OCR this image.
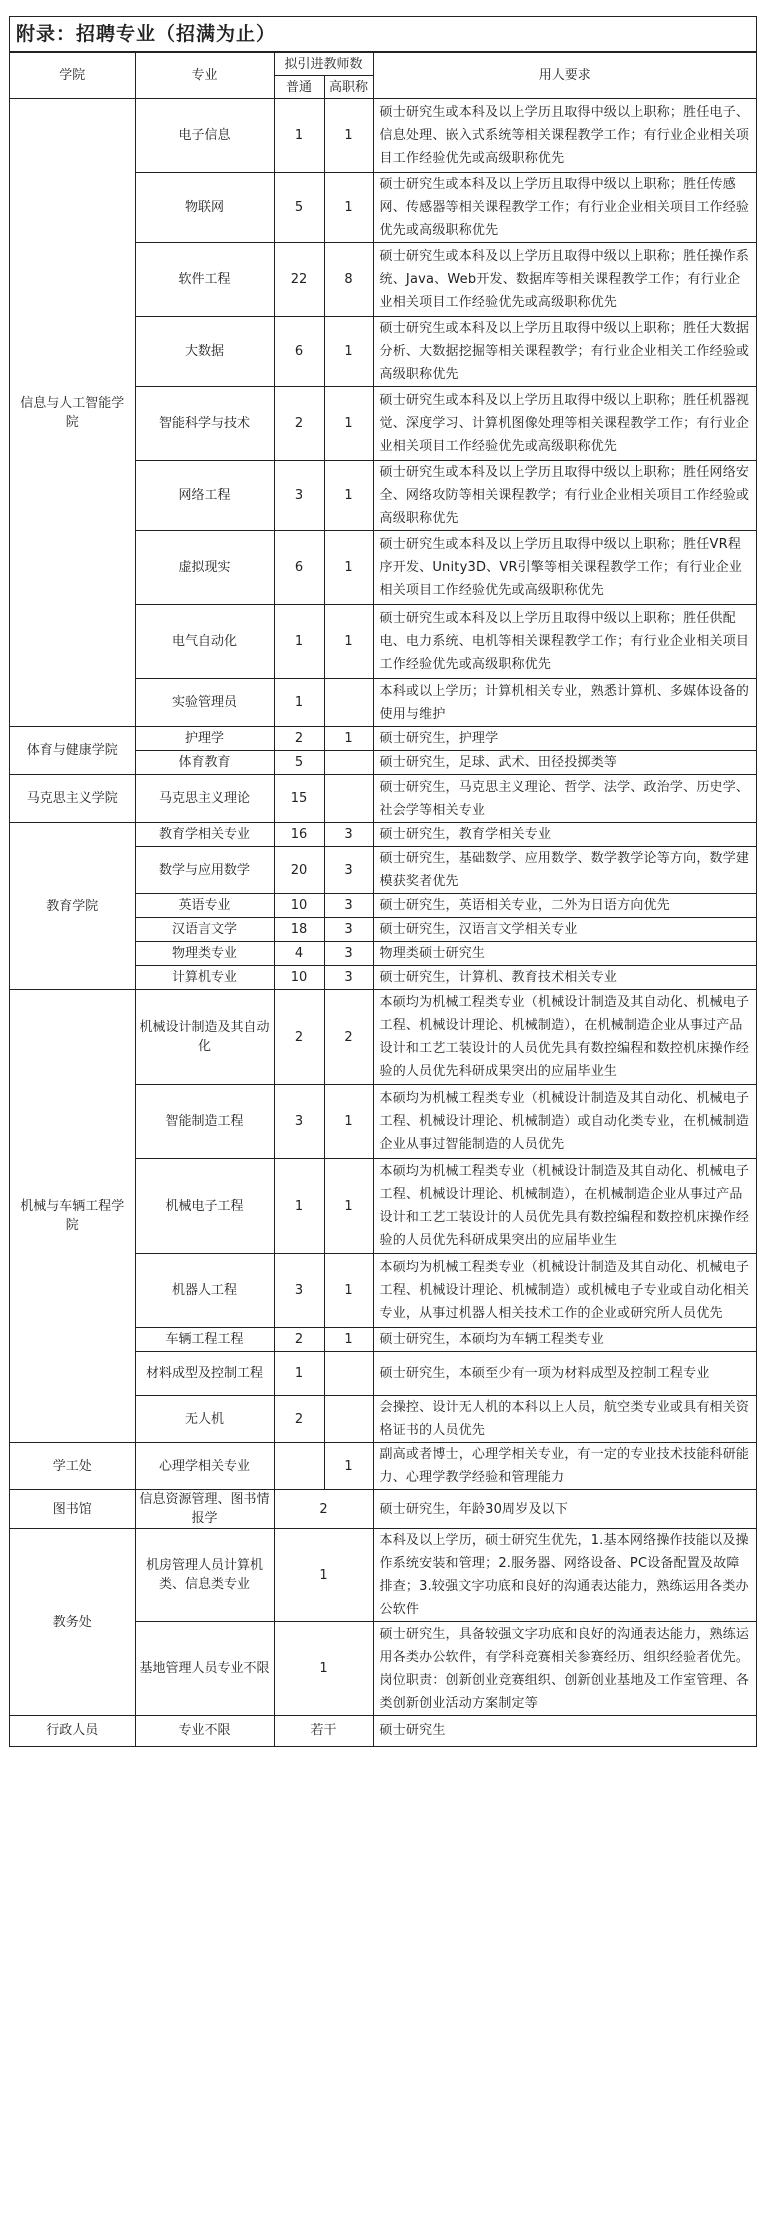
附录：招聘专业（招满为止）
学院	专业	拟引进教师数		用人要求
		普通	高职称	
信息与人工智能学院	电子信息	1	1	硕士研究生或本科及以上学历且取得中级以上职称；胜任电子、信息处理、嵌入式系统等相关课程教学工作；有行业企业相关项目工作经验优先或高级职称优先
	物联网	5	1	硕士研究生或本科及以上学历且取得中级以上职称；胜任传感网、传感器等相关课程教学工作；有行业企业相关项目工作经验优先或高级职称优先
	软件工程	22	8	硕士研究生或本科及以上学历且取得中级以上职称；胜任操作系统、Java、Web开发、数据库等相关课程教学工作；有行业企业相关项目工作经验优先或高级职称优先
	大数据	6	1	硕士研究生或本科及以上学历且取得中级以上职称；胜任大数据分析、大数据挖掘等相关课程教学；有行业企业相关工作经验或高级职称优先
	智能科学与技术	2	1	硕士研究生或本科及以上学历且取得中级以上职称；胜任机器视觉、深度学习、计算机图像处理等相关课程教学工作；有行业企业相关项目工作经验优先或高级职称优先
	网络工程	3	1	硕士研究生或本科及以上学历且取得中级以上职称；胜任网络安全、网络攻防等相关课程教学；有行业企业相关项目工作经验或高级职称优先
	虚拟现实	6	1	硕士研究生或本科及以上学历且取得中级以上职称；胜任VR程序开发、Unity3D、VR引擎等相关课程教学工作；有行业企业相关项目工作经验优先或高级职称优先
	电气自动化	1	1	硕士研究生或本科及以上学历且取得中级以上职称；胜任供配电、电力系统、电机等相关课程教学工作；有行业企业相关项目工作经验优先或高级职称优先
	实验管理员	1		本科或以上学历；计算机相关专业，熟悉计算机、多媒体设备的使用与维护
体育与健康学院	护理学	2	1	硕士研究生，护理学
	体育教育	5		硕士研究生，足球、武术、田径投掷类等
马克思主义学院	马克思主义理论	15		硕士研究生，马克思主义理论、哲学、法学、政治学、历史学、社会学等相关专业
教育学院	教育学相关专业	16	3	硕士研究生，教育学相关专业
	数学与应用数学	20	3	硕士研究生，基础数学、应用数学、数学教学论等方向，数学建模获奖者优先
	英语专业	10	3	硕士研究生，英语相关专业，二外为日语方向优先
	汉语言文学	18	3	硕士研究生，汉语言文学相关专业
	物理类专业	4	3	物理类硕士研究生
	计算机专业	10	3	硕士研究生，计算机、教育技术相关专业
机械与车辆工程学院	机械设计制造及其自动化	2	2	本硕均为机械工程类专业（机械设计制造及其自动化、机械电子工程、机械设计理论、机械制造），在机械制造企业从事过产品设计和工艺工装设计的人员优先具有数控编程和数控机床操作经验的人员优先科研成果突出的应届毕业生
	智能制造工程	3	1	本硕均为机械工程类专业（机械设计制造及其自动化、机械电子工程、机械设计理论、机械制造）或自动化类专业，在机械制造企业从事过智能制造的人员优先
	机械电子工程	1	1	本硕均为机械工程类专业（机械设计制造及其自动化、机械电子工程、机械设计理论、机械制造），在机械制造企业从事过产品设计和工艺工装设计的人员优先具有数控编程和数控机床操作经验的人员优先科研成果突出的应届毕业生
	机器人工程	3	1	本硕均为机械工程类专业（机械设计制造及其自动化、机械电子工程、机械设计理论、机械制造）或机械电子专业或自动化相关专业，从事过机器人相关技术工作的企业或研究所人员优先
	车辆工程工程	2	1	硕士研究生，本硕均为车辆工程类专业
	材料成型及控制工程	1		硕士研究生，本硕至少有一项为材料成型及控制工程专业
	无人机	2		会操控、设计无人机的本科以上人员，航空类专业或具有相关资格证书的人员优先
学工处	心理学相关专业		1	副高或者博士，心理学相关专业，有一定的专业技术技能科研能力、心理学教学经验和管理能力
图书馆	信息资源管理、图书情报学	2		硕士研究生，年龄30周岁及以下
教务处	机房管理人员计算机类、信息类专业	1		本科及以上学历，硕士研究生优先，1.基本网络操作技能以及操作系统安装和管理；2.服务器、网络设备、PC设备配置及故障排查；3.较强文字功底和良好的沟通表达能力，熟练运用各类办公软件
	基地管理人员专业不限	1		硕士研究生，具备较强文字功底和良好的沟通表达能力，熟练运用各类办公软件，有学科竞赛相关参赛经历、组织经验者优先。岗位职责：创新创业竞赛组织、创新创业基地及工作室管理、各类创新创业活动方案制定等
行政人员	专业不限	若干		硕士研究生
